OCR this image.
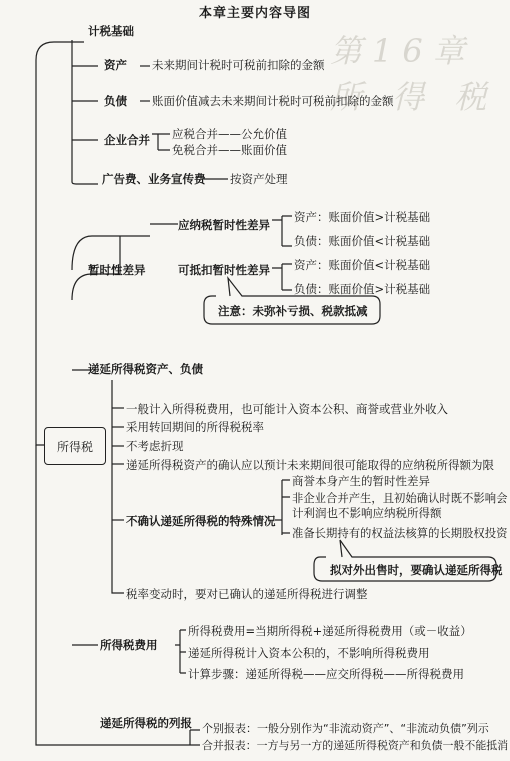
第16章 所 得 税
本章主要内容导图
所得税
计税基础
资产 未来期间计税时可税前扣除的金额
负债 账面价值减去未来期间计税时可税前扣除的金额
企业合并 应税合并——公允价值
免税合并——账面价值
广告费、业务宣传费 按资产处理
暂时性差异
应纳税暂时性差异
资产：账面价值>计税基础
负债：账面价值<计税基础
可抵扣暂时性差异 资产：账面价值<计税基础
负债：账面价值>计税基础
注意：未弥补亏损、税款抵减
递延所得税资产、负债
一般计入所得税费用，也可能计入资本公积、商誉或营业外收入
采用转回期间的所得税税率
不考虑折现
递延所得税资产的确认应以预计未来期间很可能取得的应纳税所得额为限
不确认递延所得税的特殊情况
商誉本身产生的暂时性差异
非企业合并产生，且初始确认时既不影响会
计利润也不影响应纳税所得额
准备长期持有的权益法核算的长期股权投资
拟对外出售时，要确认递延所得税
税率变动时，要对已确认的递延所得税进行调整
所得税费用
所得税费用=当期所得税+递延所得税费用（或－收益）
递延所得税计入资本公积的，不影响所得税费用
计算步骤：递延所得税——应交所得税——所得税费用
递延所得税的列报 个别报表：一般分别作为“非流动资产”、“非流动负债”列示
合并报表：一方与另一方的递延所得税资产和负债一般不能抵消
